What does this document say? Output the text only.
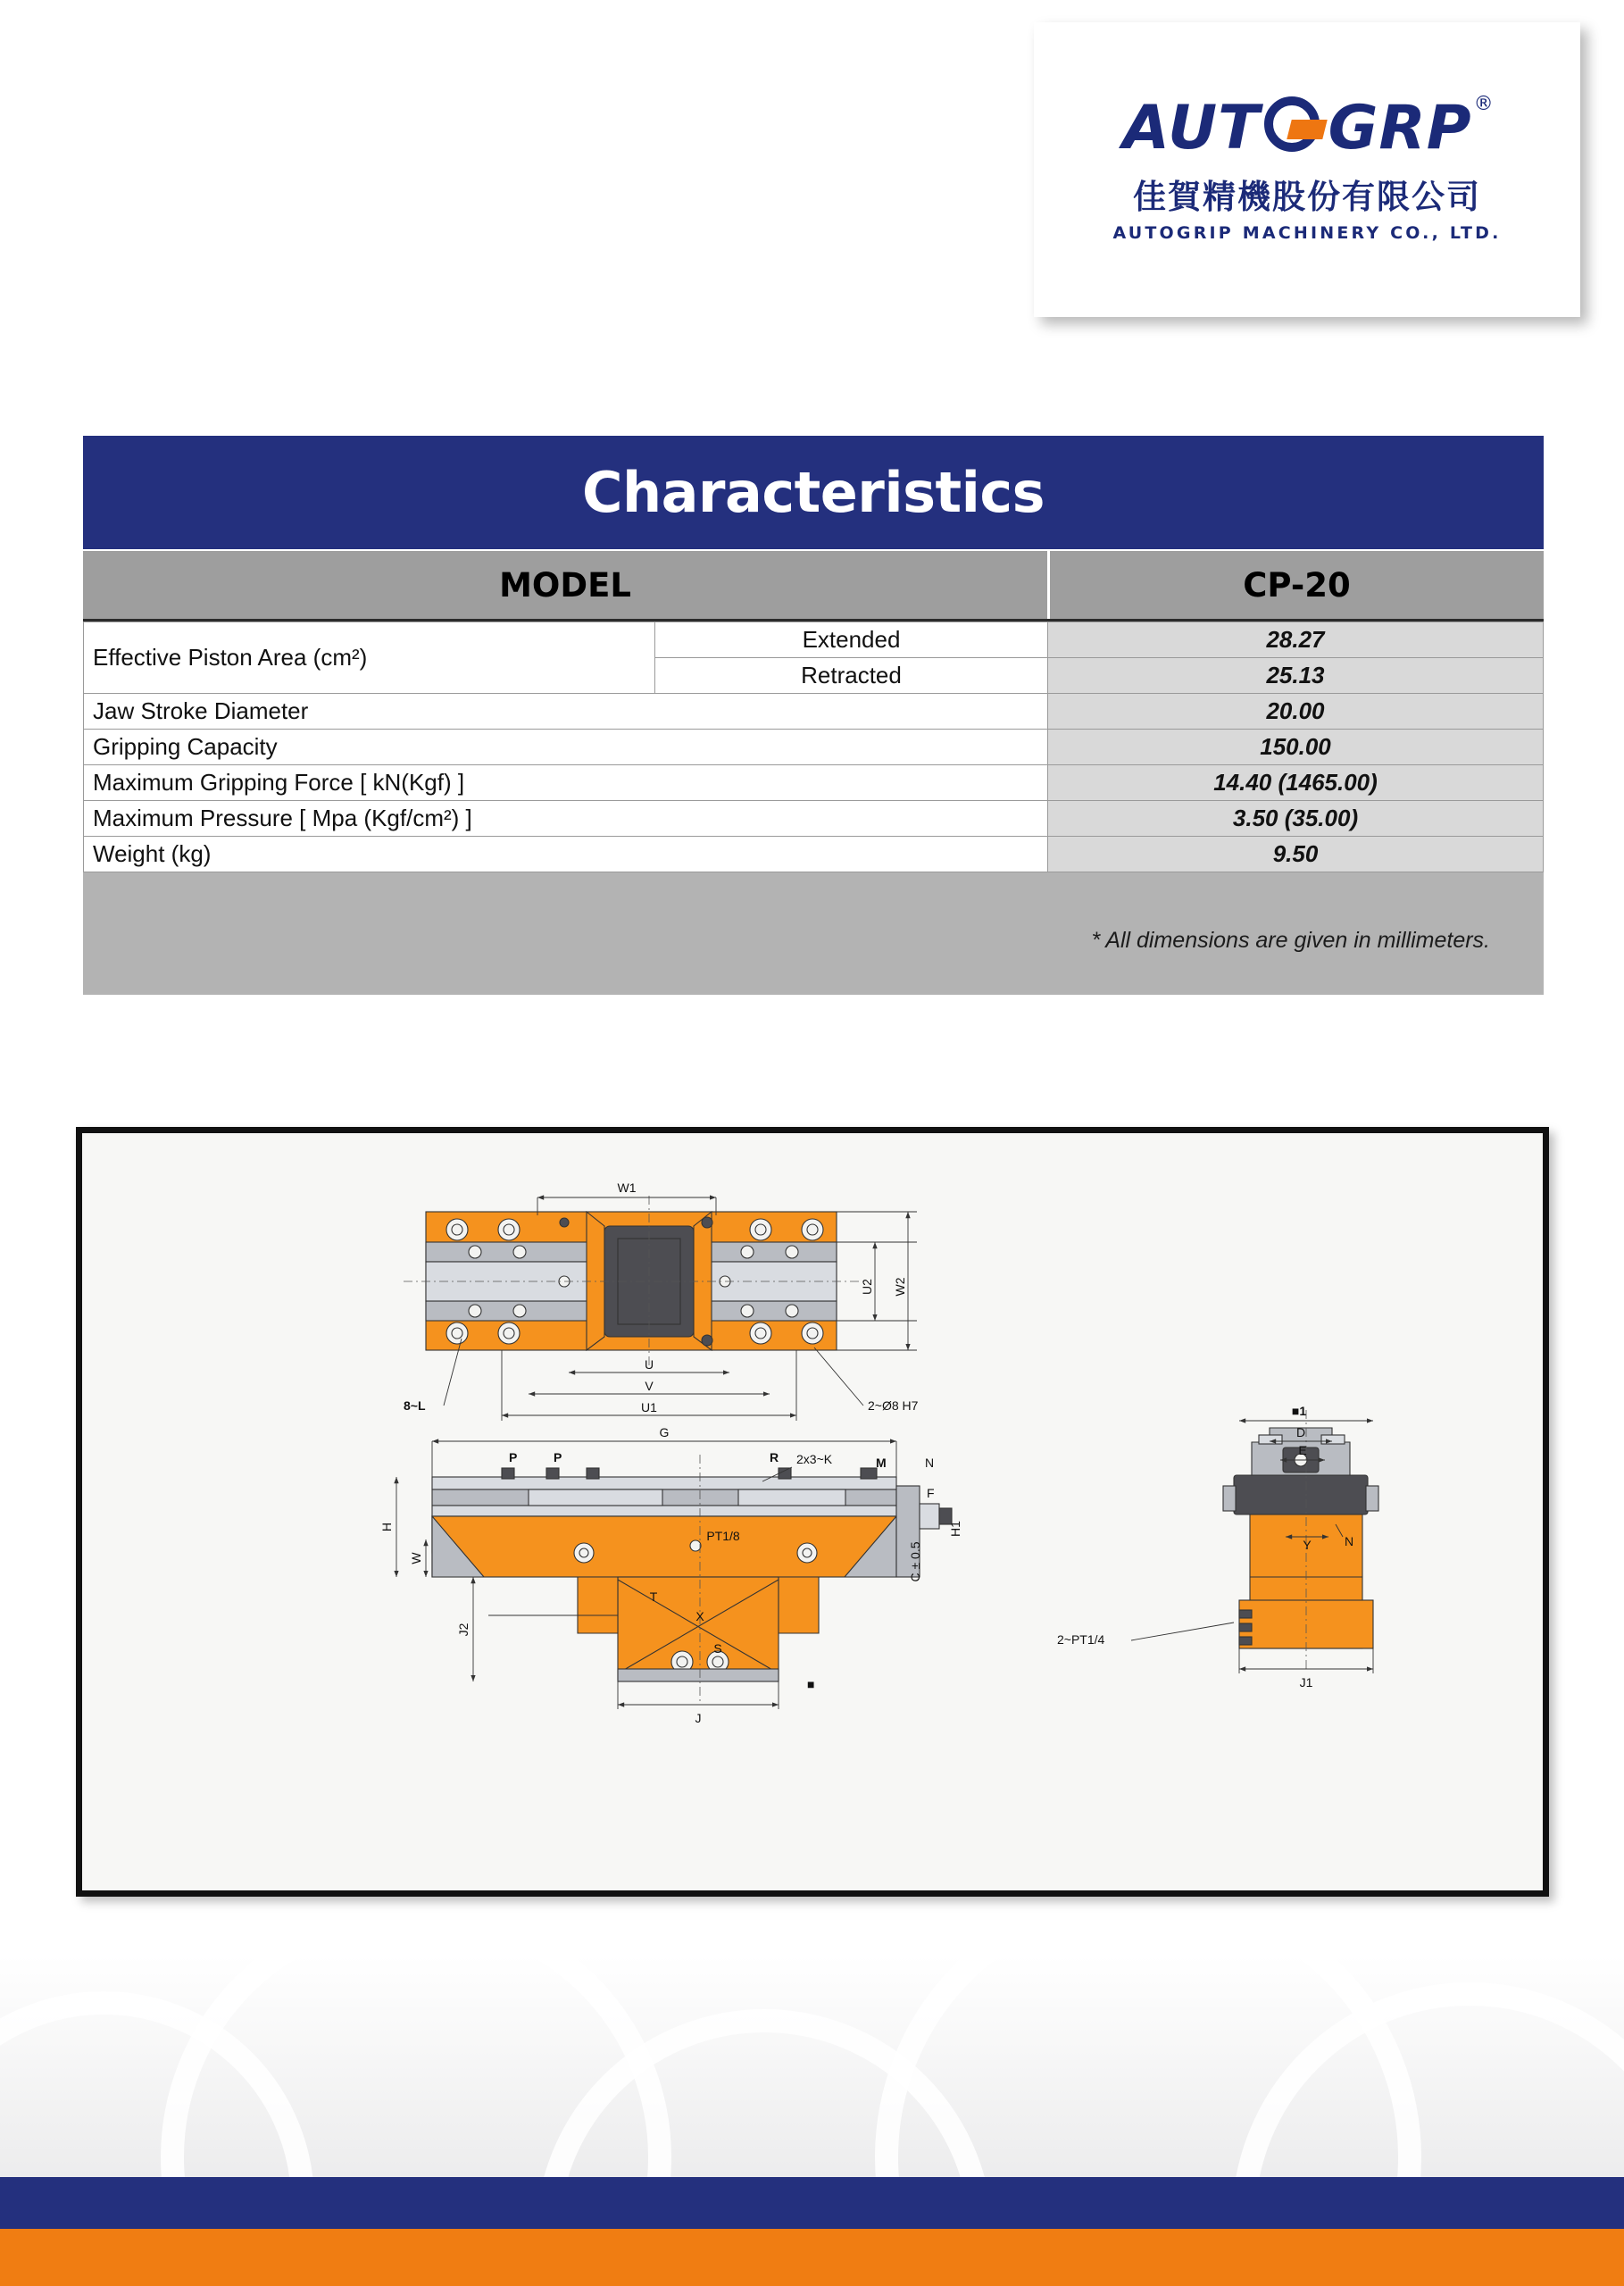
AUT GR P ®
佳賀精機股份有限公司
AUTOGRIP MACHINERY CO., LTD.
Characteristics
MODEL	CP-20
Effective Piston Area (cm²)	Extended	28.27
	Retracted	25.13
Jaw Stroke Diameter		20.00
Gripping Capacity		150.00
Maximum Gripping Force [ kN(Kgf) ]		14.40 (1465.00)
Maximum Pressure [ Mpa (Kgf/cm²) ]		3.50 (35.00)
Weight (kg)		9.50
* All dimensions are given in millimeters.
W1
U2 W2
U
V
U1
8~L	2~Ø8 H7
G
H
W
J2
J
T
X
S
M	N
F
H1
C ± 0.5
2x3~K
PT1/8
R
P	P
■
■1
D
E
Y	N
J1
2~PT1/4
